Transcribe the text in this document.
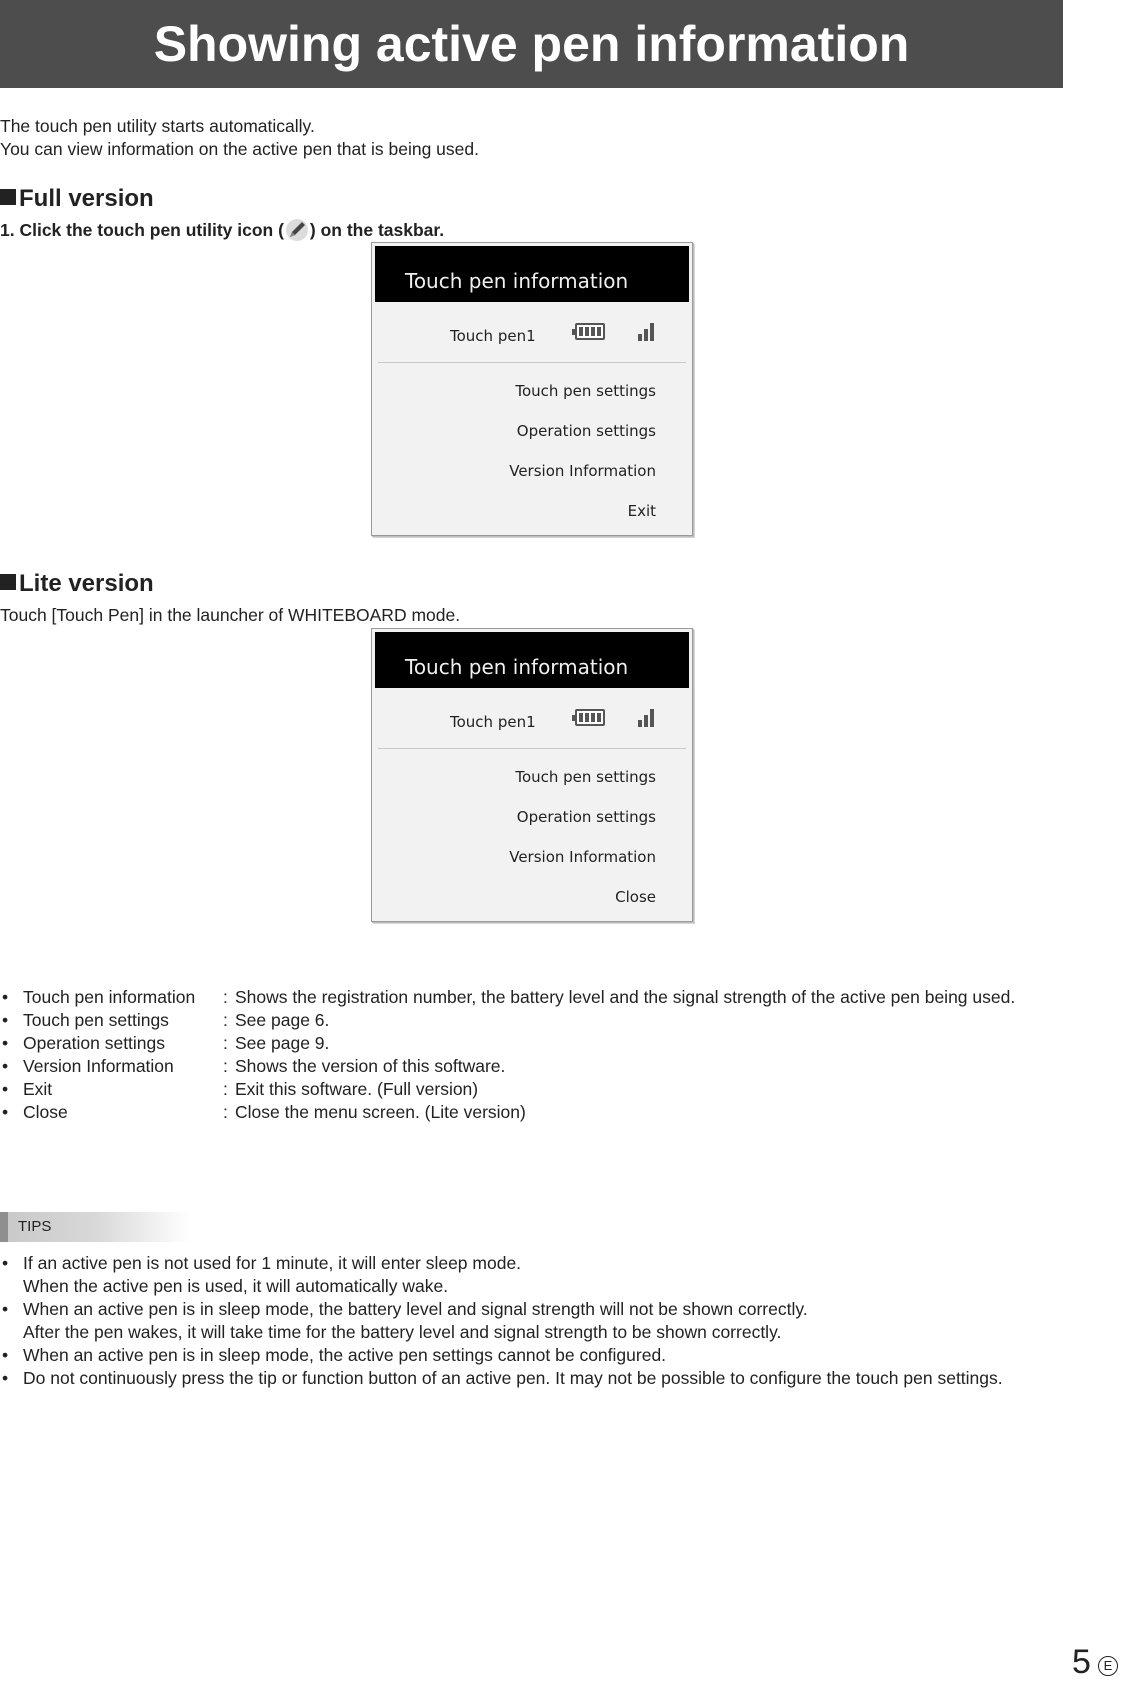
Showing active pen information
The touch pen utility starts automatically.
You can view information on the active pen that is being used.
Full version
1. Click the touch pen utility icon ( ) on the taskbar.
Touch pen information
Touch pen1
Touch pen settings
Operation settings
Version Information
Exit
Lite version
Touch [Touch Pen] in the launcher of WHITEBOARD mode.
Touch pen information
Touch pen1
Touch pen settings
Operation settings
Version Information
Close
• Touch pen information	: Shows the registration number, the battery level and the signal strength of the active pen being used.
• Touch pen settings	: See page 6.
• Operation settings	: See page 9.
• Version Information	: Shows the version of this software.
• Exit	: Exit this software. (Full version)
• Close	: Close the menu screen. (Lite version)
TIPS
• If an active pen is not used for 1 minute, it will enter sleep mode.
When the active pen is used, it will automatically wake.
• When an active pen is in sleep mode, the battery level and signal strength will not be shown correctly.
After the pen wakes, it will take time for the battery level and signal strength to be shown correctly.
• When an active pen is in sleep mode, the active pen settings cannot be configured.
• Do not continuously press the tip or function button of an active pen. It may not be possible to configure the touch pen settings.
5 E
